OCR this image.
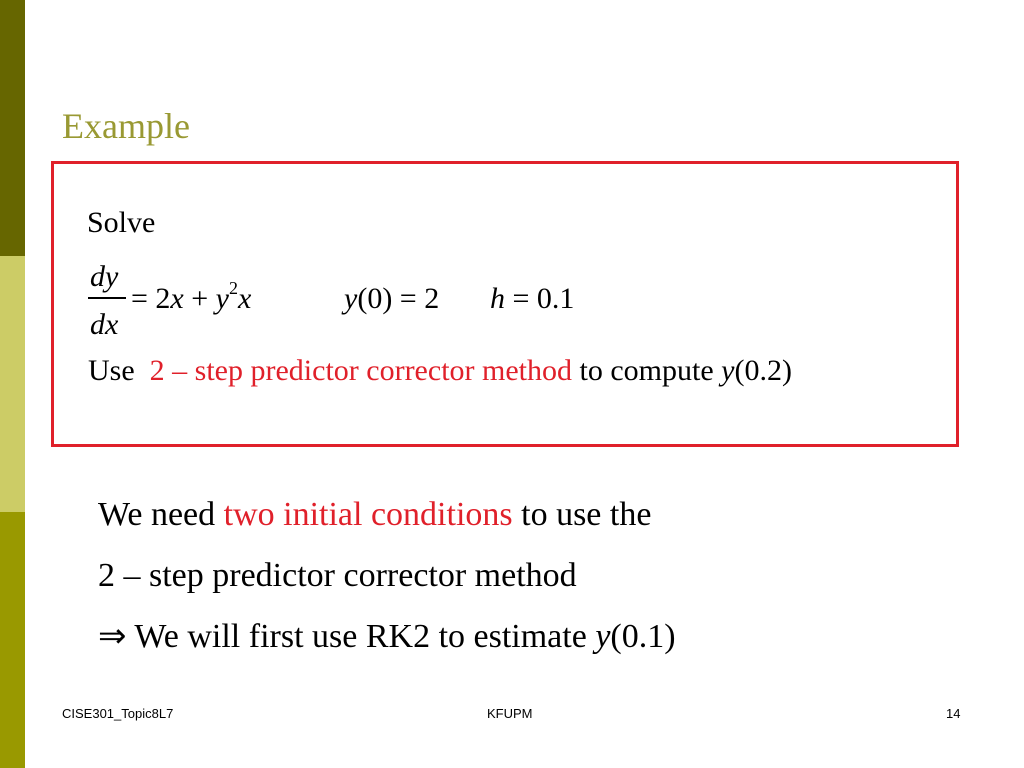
Example
Solve
dy
dx
= $2x + y^2x$	y(0) = 2 h = 0.1
Use 2 – step predictor corrector method to compute y(0.2)
We need two initial conditions to use the
2 – step predictor corrector method
⇒ We will first use RK2 to estimate y(0.1)
CISE301_Topic8L7	KFUPM	14
